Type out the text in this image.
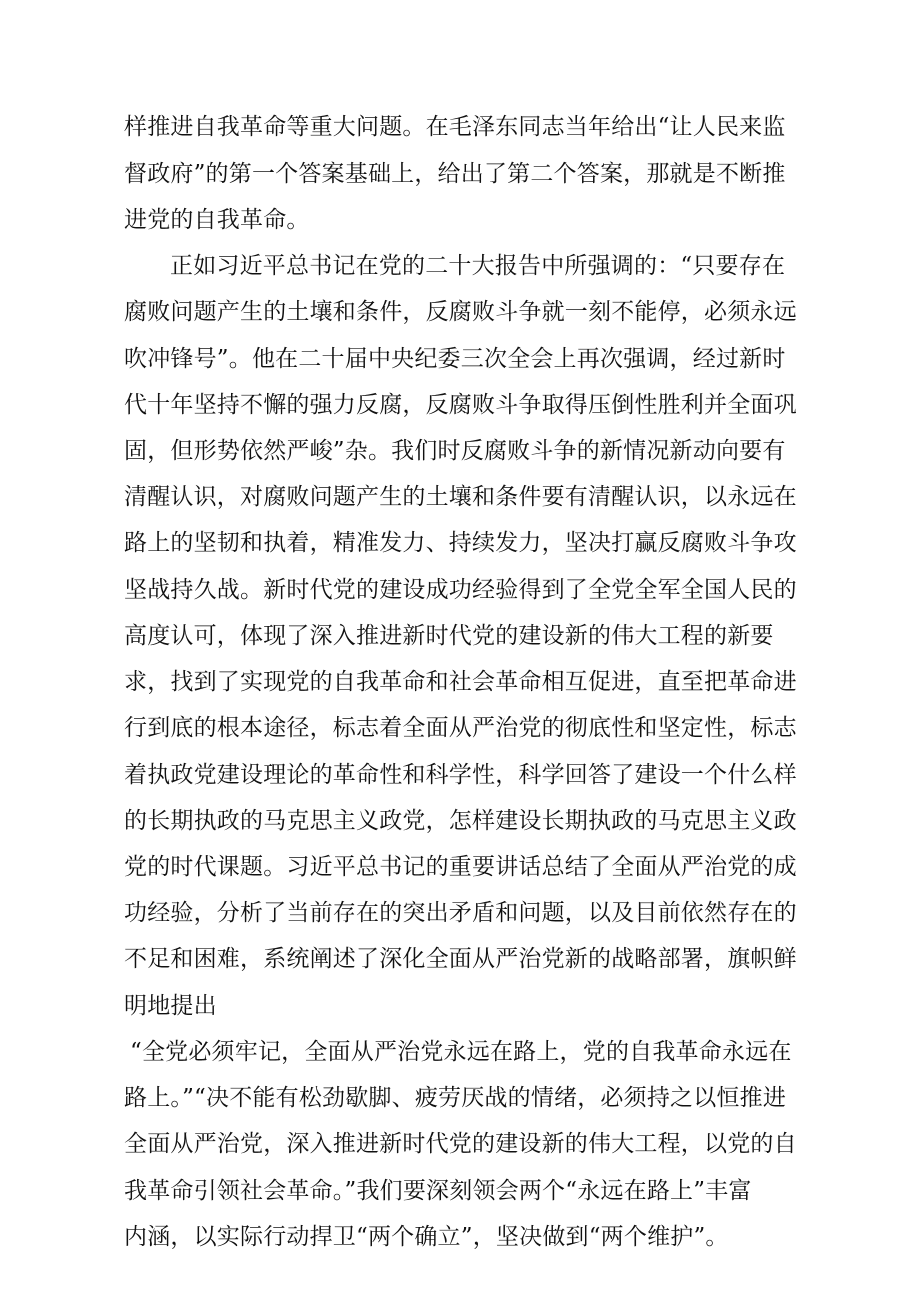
样推进自我革命等重大问题。在毛泽东同志当年给出“让人民来监
督政府”的第一个答案基础上，给出了第二个答案，那就是不断推
进党的自我革命。
正如习近平总书记在党的二十大报告中所强调的：“只要存在
腐败问题产生的土壤和条件，反腐败斗争就一刻不能停，必须永远
吹冲锋号”。他在二十届中央纪委三次全会上再次强调，经过新时
代十年坚持不懈的强力反腐，反腐败斗争取得压倒性胜利并全面巩
固，但形势依然严峻”杂。我们时反腐败斗争的新情况新动向要有
清醒认识，对腐败问题产生的土壤和条件要有清醒认识，以永远在
路上的坚韧和执着，精准发力、持续发力，坚决打赢反腐败斗争攻
坚战持久战。新时代党的建设成功经验得到了全党全军全国人民的
高度认可，体现了深入推进新时代党的建设新的伟大工程的新要
求，找到了实现党的自我革命和社会革命相互促进，直至把革命进
行到底的根本途径，标志着全面从严治党的彻底性和坚定性，标志
着执政党建设理论的革命性和科学性，科学回答了建设一个什么样
的长期执政的马克思主义政党，怎样建设长期执政的马克思主义政
党的时代课题。习近平总书记的重要讲话总结了全面从严治党的成
功经验，分析了当前存在的突出矛盾和问题，以及目前依然存在的
不足和困难，系统阐述了深化全面从严治党新的战略部署，旗帜鲜
明地提出
“全党必须牢记，全面从严治党永远在路上，党的自我革命永远在
路上。”“决不能有松劲歇脚、疲劳厌战的情绪，必须持之以恒推进
全面从严治党，深入推进新时代党的建设新的伟大工程，以党的自
我革命引领社会革命。”我们要深刻领会两个“永远在路上”丰富
内涵，以实际行动捍卫“两个确立”，坚决做到“两个维护”。
